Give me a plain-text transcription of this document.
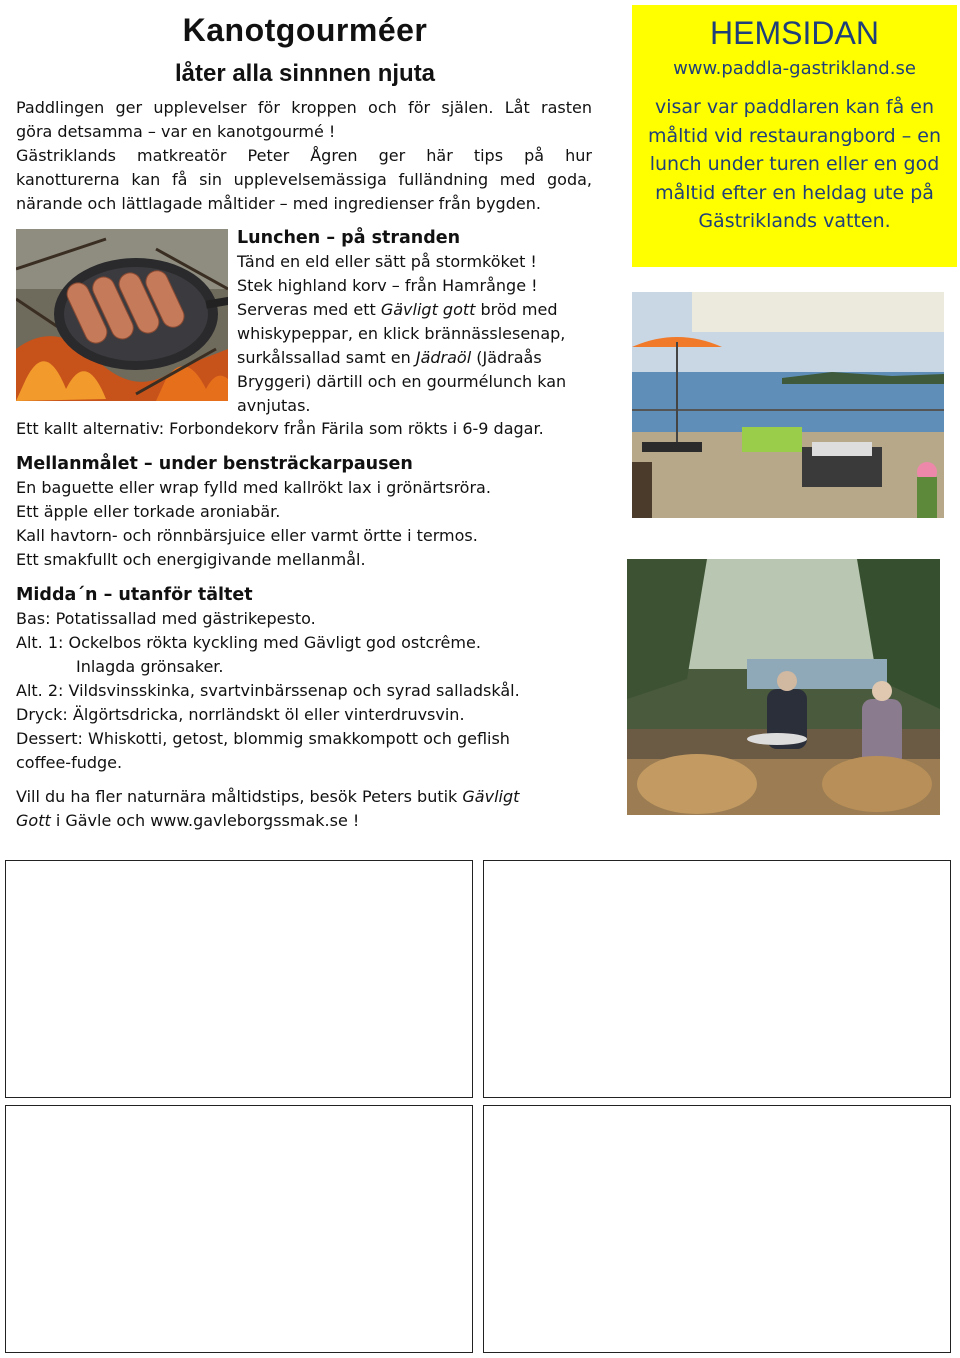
Kanotgourméer
låter alla sinnnen njuta
Paddlingen ger upplevelser för kroppen och för själen. Låt rasten
göra detsamma – var en kanotgourmé !
Gästriklands matkreatör Peter Ågren ger här tips på hur
kanotturerna kan få sin upplevelsemässiga fulländning med goda,
närande och lättlagade måltider – med ingredienser från bygden.
Lunchen – på stranden
Tänd en eld eller sätt på stormköket !
Stek highland korv – från Hamrånge !
Serveras med ett Gävligt gott bröd med
whiskypeppar, en klick brännässlesenap,
surkålssallad samt en Jädraöl (Jädraås
Bryggeri) därtill och en gourmélunch kan
avnjutas.
Ett kallt alternativ: Forbondekorv från Färila som rökts i 6-9 dagar.
Mellanmålet – under bensträckarpausen
En baguette eller wrap fylld med kallrökt lax i grönärtsröra.
Ett äpple eller torkade aroniabär.
Kall havtorn- och rönnbärsjuice eller varmt örtte i termos.
Ett smakfullt och energigivande mellanmål.
Midda´n – utanför tältet
Bas: Potatissallad med gästrikepesto.
Alt. 1: Ockelbos rökta kyckling med Gävligt god ostcrême.
Inlagda grönsaker.
Alt. 2: Vildsvinsskinka, svartvinbärssenap och syrad salladskål.
Dryck: Älgörtsdricka, norrländskt öl eller vinterdruvsvin.
Dessert: Whiskotti, getost, blommig smakkompott och geflish
coffee-fudge.
Vill du ha fler naturnära måltidstips, besök Peters butik Gävligt
Gott i Gävle och www.gavleborgssmak.se !
HEMSIDAN
www.paddla-gastrikland.se
visar var paddlaren kan få en måltid vid restaurangbord – en lunch under turen eller en god måltid efter en heldag ute på Gästriklands vatten.
